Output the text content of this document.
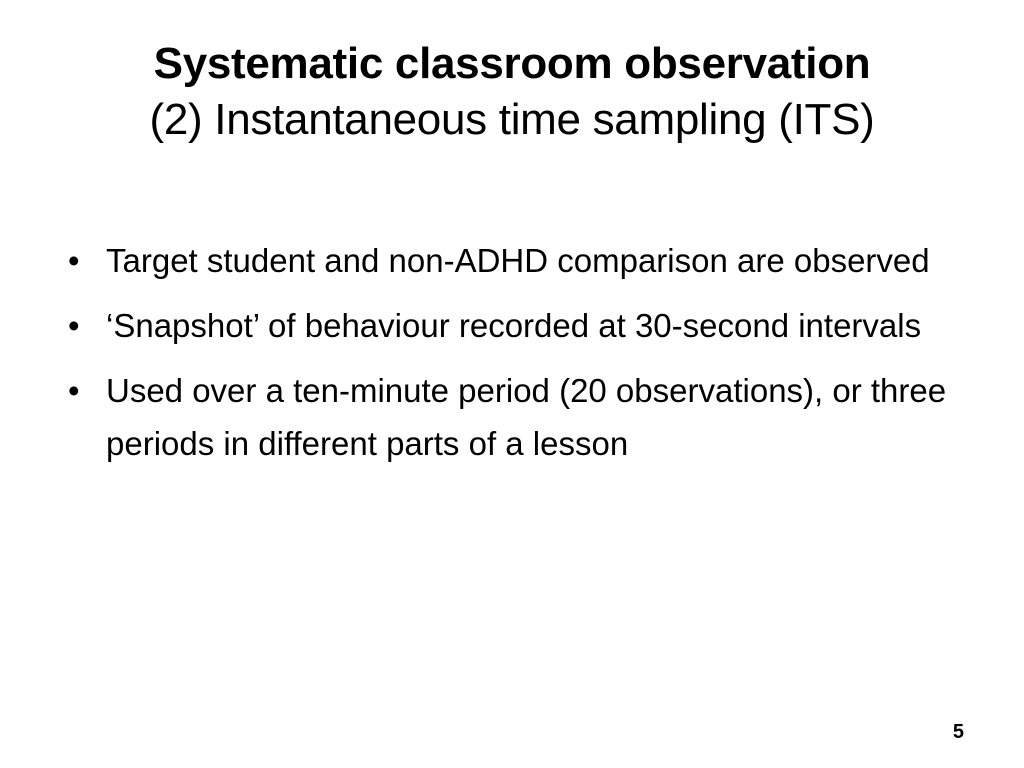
Systematic classroom observation

(2) Instantaneous time sampling (ITS)

• Target student and non-ADHD comparison are observed
• ‘Snapshot’ of behaviour recorded at 30-second intervals
• Used over a ten-minute period (20 observations), or three periods in different parts of a lesson
5
